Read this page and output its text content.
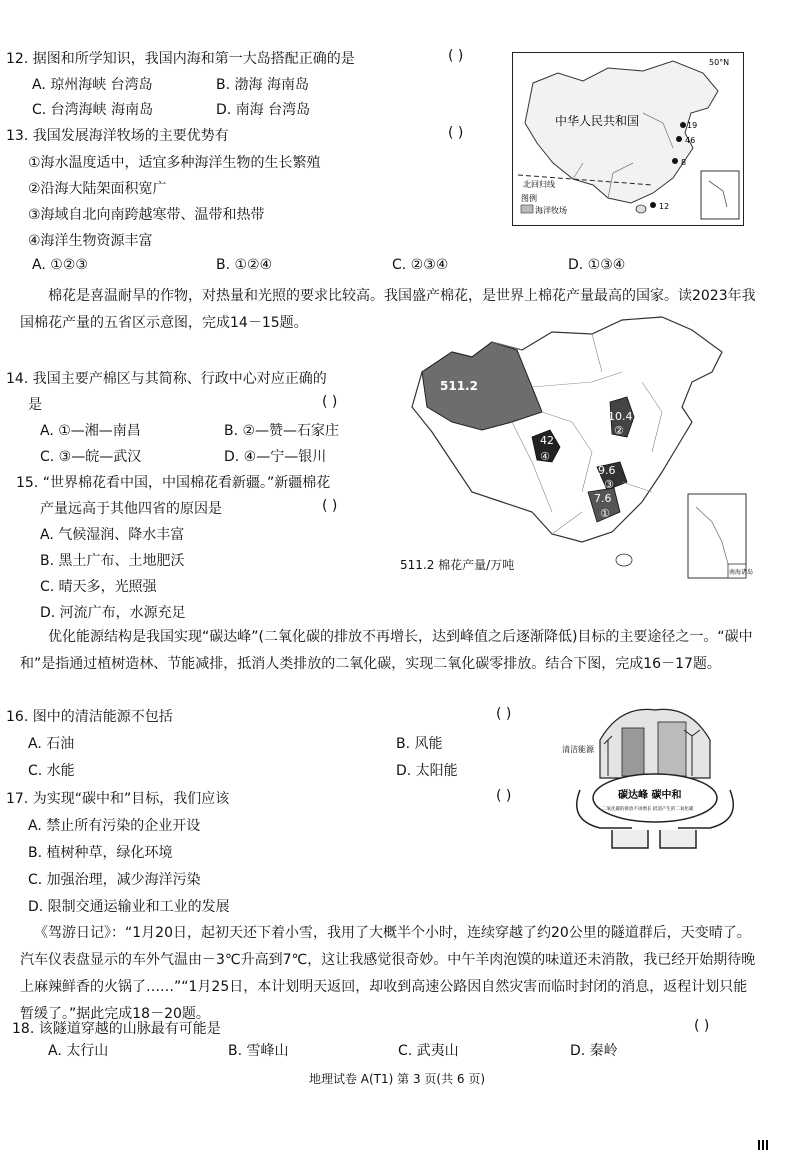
12. 据图和所学知识，我国内海和第一大岛搭配正确的是	( )
A. 琼州海峡 台湾岛	B. 渤海 海南岛
C. 台湾海峡 海南岛	D. 南海 台湾岛
13. 我国发展海洋牧场的主要优势有	( )
①海水温度适中，适宜多种海洋生物的生长繁殖
②沿海大陆架面积宽广
③海域自北向南跨越寒带、温带和热带
④海洋生物资源丰富
A. ①②③	B. ①②④	C. ②③④	D. ①③④
中华人民共和国
50°N
19
46
8
12
北回归线
图例
海洋牧场
棉花是喜温耐旱的作物，对热量和光照的要求比较高。我国盛产棉花，是世界上棉花产量最高的国家。读2023年我国棉花产量的五省区示意图，完成14－15题。
14. 我国主要产棉区与其简称、行政中心对应正确的
是	( )
A. ①—湘—南昌	B. ②—赞—石家庄
C. ③—皖—武汉	D. ④—宁—银川
15. “世界棉花看中国，中国棉花看新疆。”新疆棉花
产量远高于其他四省的原因是	( )
A. 气候湿润、降水丰富
B. 黑土广布、土地肥沃
C. 晴天多，光照强
D. 河流广布，水源充足
南海诸岛
511.2
42
④
10.4
②
9.6
③
7.6
①
511.2 棉花产量/万吨
优化能源结构是我国实现“碳达峰”(二氧化碳的排放不再增长，达到峰值之后逐渐降低)目标的主要途径之一。“碳中和”是指通过植树造林、节能减排，抵消人类排放的二氧化碳，实现二氧化碳零排放。结合下图，完成16－17题。
16. 图中的清洁能源不包括	( )
A. 石油	B. 风能
C. 水能	D. 太阳能
17. 为实现“碳中和”目标，我们应该	( )
A. 禁止所有污染的企业开设
B. 植树种草，绿化环境
C. 加强治理，减少海洋污染
D. 限制交通运输业和工业的发展
清洁能源
碳达峰 碳中和
二氧化碳的排放不再增长 抵消产生的二氧化碳
《驾游日记》：“1月20日，起初天还下着小雪，我用了大概半个小时，连续穿越了约20公里的隧道群后，天变晴了。汽车仪表盘显示的车外气温由－3℃升高到7℃，这让我感觉很奇妙。中午羊肉泡馍的味道还未消散，我已经开始期待晚上麻辣鲜香的火锅了……”“1月25日，本计划明天返回，却收到高速公路因自然灾害而临时封闭的消息，返程计划只能暂缓了。”据此完成18－20题。
18. 该隧道穿越的山脉最有可能是	( )
A. 太行山	B. 雪峰山	C. 武夷山	D. 秦岭
地理试卷 A(T1) 第 3 页(共 6 页)
